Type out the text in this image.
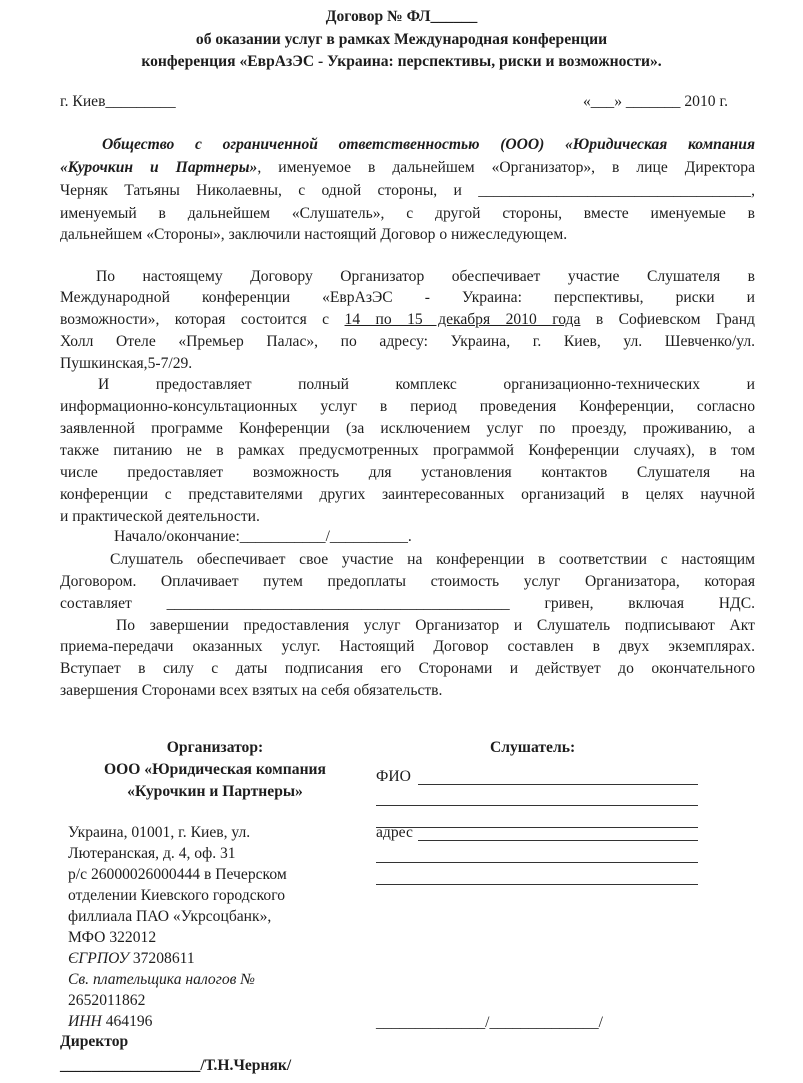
Договор № ФЛ______
об оказании услуг в рамках Международная конференции
конференция «ЕврАзЭС - Украина: перспективы, риски и возможности».
г. Киев_________	«___» _______ 2010 г.
Общество с ограниченной ответственностью (ООО) «Юридическая компания
«Курочкин и Партнеры», именуемое в дальнейшем «Организатор», в лице Директора
Черняк Татьяны Николаевны, с одной стороны, и ___________________________________,
именуемый в дальнейшем «Слушатель», с другой стороны, вместе именуемые в
дальнейшем «Стороны», заключили настоящий Договор о нижеследующем.
По настоящему Договору Организатор обеспечивает участие Слушателя в
Международной конференции «ЕврАзЭС - Украина: перспективы, риски и
возможности», которая состоится с 14 по 15 декабря 2010 года в Софиевском Гранд
Холл Отеле «Премьер Палас», по адресу: Украина, г. Киев, ул. Шевченко/ул.
Пушкинская,5-7/29.
И предоставляет полный комплекс организационно-технических и
информационно-консультационных услуг в период проведения Конференции, согласно
заявленной программе Конференции (за исключением услуг по проезду, проживанию, а
также питанию не в рамках предусмотренных программой Конференции случаях), в том
числе предоставляет возможность для установления контактов Слушателя на
конференции с представителями других заинтересованных организаций в целях научной
и практической деятельности.
Начало/окончание:___________/__________.
Слушатель обеспечивает свое участие на конференции в соответствии с настоящим
Договором. Оплачивает путем предоплаты стоимость услуг Организатора, которая
составляет ____________________________________________ гривен, включая НДС.
По завершении предоставления услуг Организатор и Слушатель подписывают Акт
приема-передачи оказанных услуг. Настоящий Договор составлен в двух экземплярах.
Вступает в силу с даты подписания его Сторонами и действует до окончательного
завершения Сторонами всех взятых на себя обязательств.
Организатор:
ООО «Юридическая компания
«Курочкин и Партнеры»
Украина, 01001, г. Киев, ул.
Лютеранская, д. 4, оф. 31
р/с 26000026000444 в Печерском
отделении Киевского городского
филлиала ПАО «Укрсоцбанк»,
МФО 322012
ЄГРПОУ 37208611
Св. плательщика налогов №
2652011862
ИНН 464196
Директор
__________________/Т.Н.Черняк/
Слушатель:
ФИО
адрес
______________/______________/
